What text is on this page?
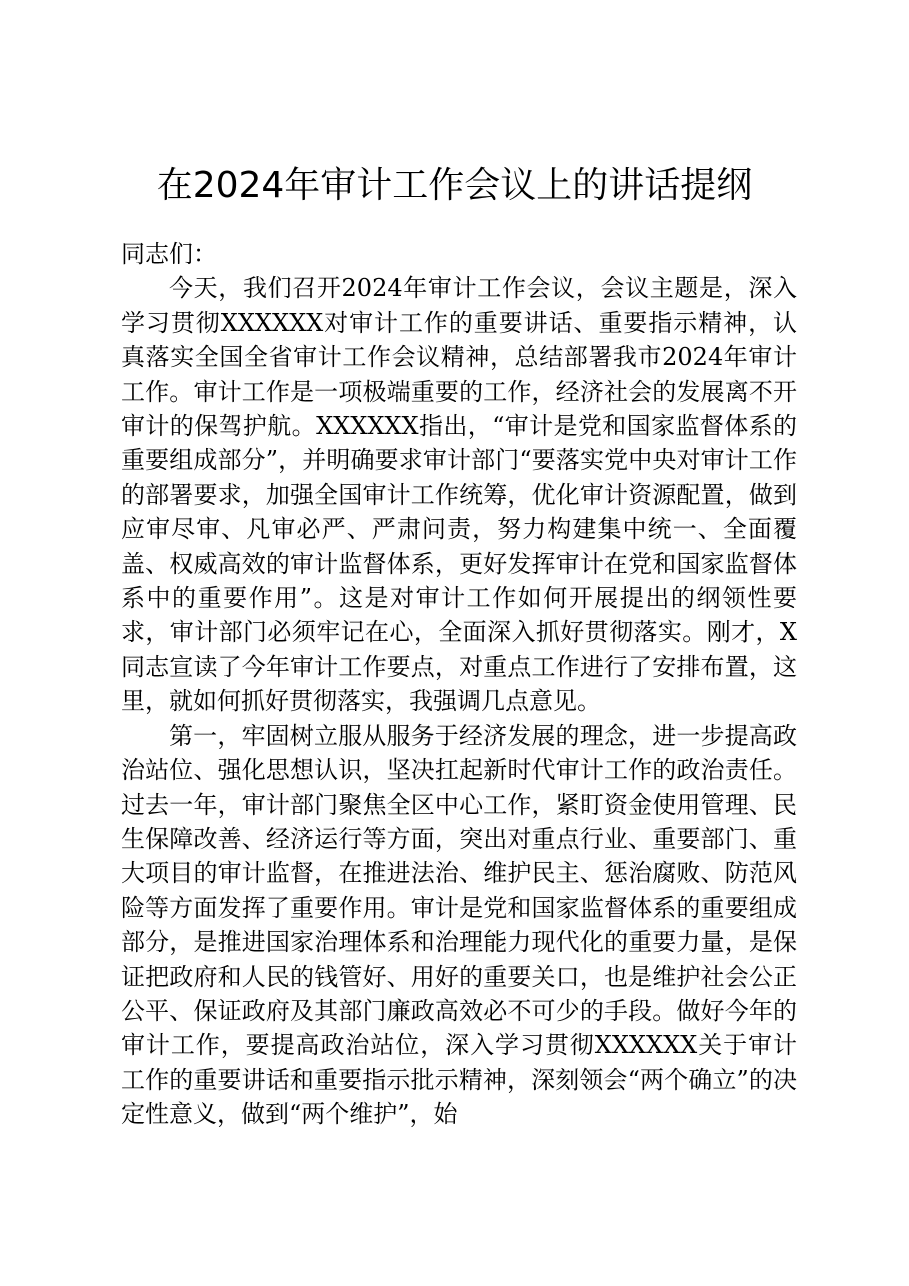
在2024年审计工作会议上的讲话提纲

同志们：

今天，我们召开2024年审计工作会议，会议主题是，深入学习贯彻XXXXXX对审计工作的重要讲话、重要指示精神，认真落实全国全省审计工作会议精神，总结部署我市2024年审计工作。审计工作是一项极端重要的工作，经济社会的发展离不开审计的保驾护航。XXXXXX指出，“审计是党和国家监督体系的重要组成部分”，并明确要求审计部门“要落实党中央对审计工作的部署要求，加强全国审计工作统筹，优化审计资源配置，做到应审尽审、凡审必严、严肃问责，努力构建集中统一、全面覆盖、权威高效的审计监督体系，更好发挥审计在党和国家监督体系中的重要作用”。这是对审计工作如何开展提出的纲领性要求，审计部门必须牢记在心，全面深入抓好贯彻落实。刚才，X同志宣读了今年审计工作要点，对重点工作进行了安排布置，这里，就如何抓好贯彻落实，我强调几点意见。

第一，牢固树立服从服务于经济发展的理念，进一步提高政治站位、强化思想认识，坚决扛起新时代审计工作的政治责任。过去一年，审计部门聚焦全区中心工作，紧盯资金使用管理、民生保障改善、经济运行等方面，突出对重点行业、重要部门、重大项目的审计监督，在推进法治、维护民主、惩治腐败、防范风险等方面发挥了重要作用。审计是党和国家监督体系的重要组成部分，是推进国家治理体系和治理能力现代化的重要力量，是保证把政府和人民的钱管好、用好的重要关口，也是维护社会公正公平、保证政府及其部门廉政高效必不可少的手段。做好今年的审计工作，要提高政治站位，深入学习贯彻XXXXXX关于审计工作的重要讲话和重要指示批示精神，深刻领会“两个确立”的决定性意义，做到“两个维护”，始
